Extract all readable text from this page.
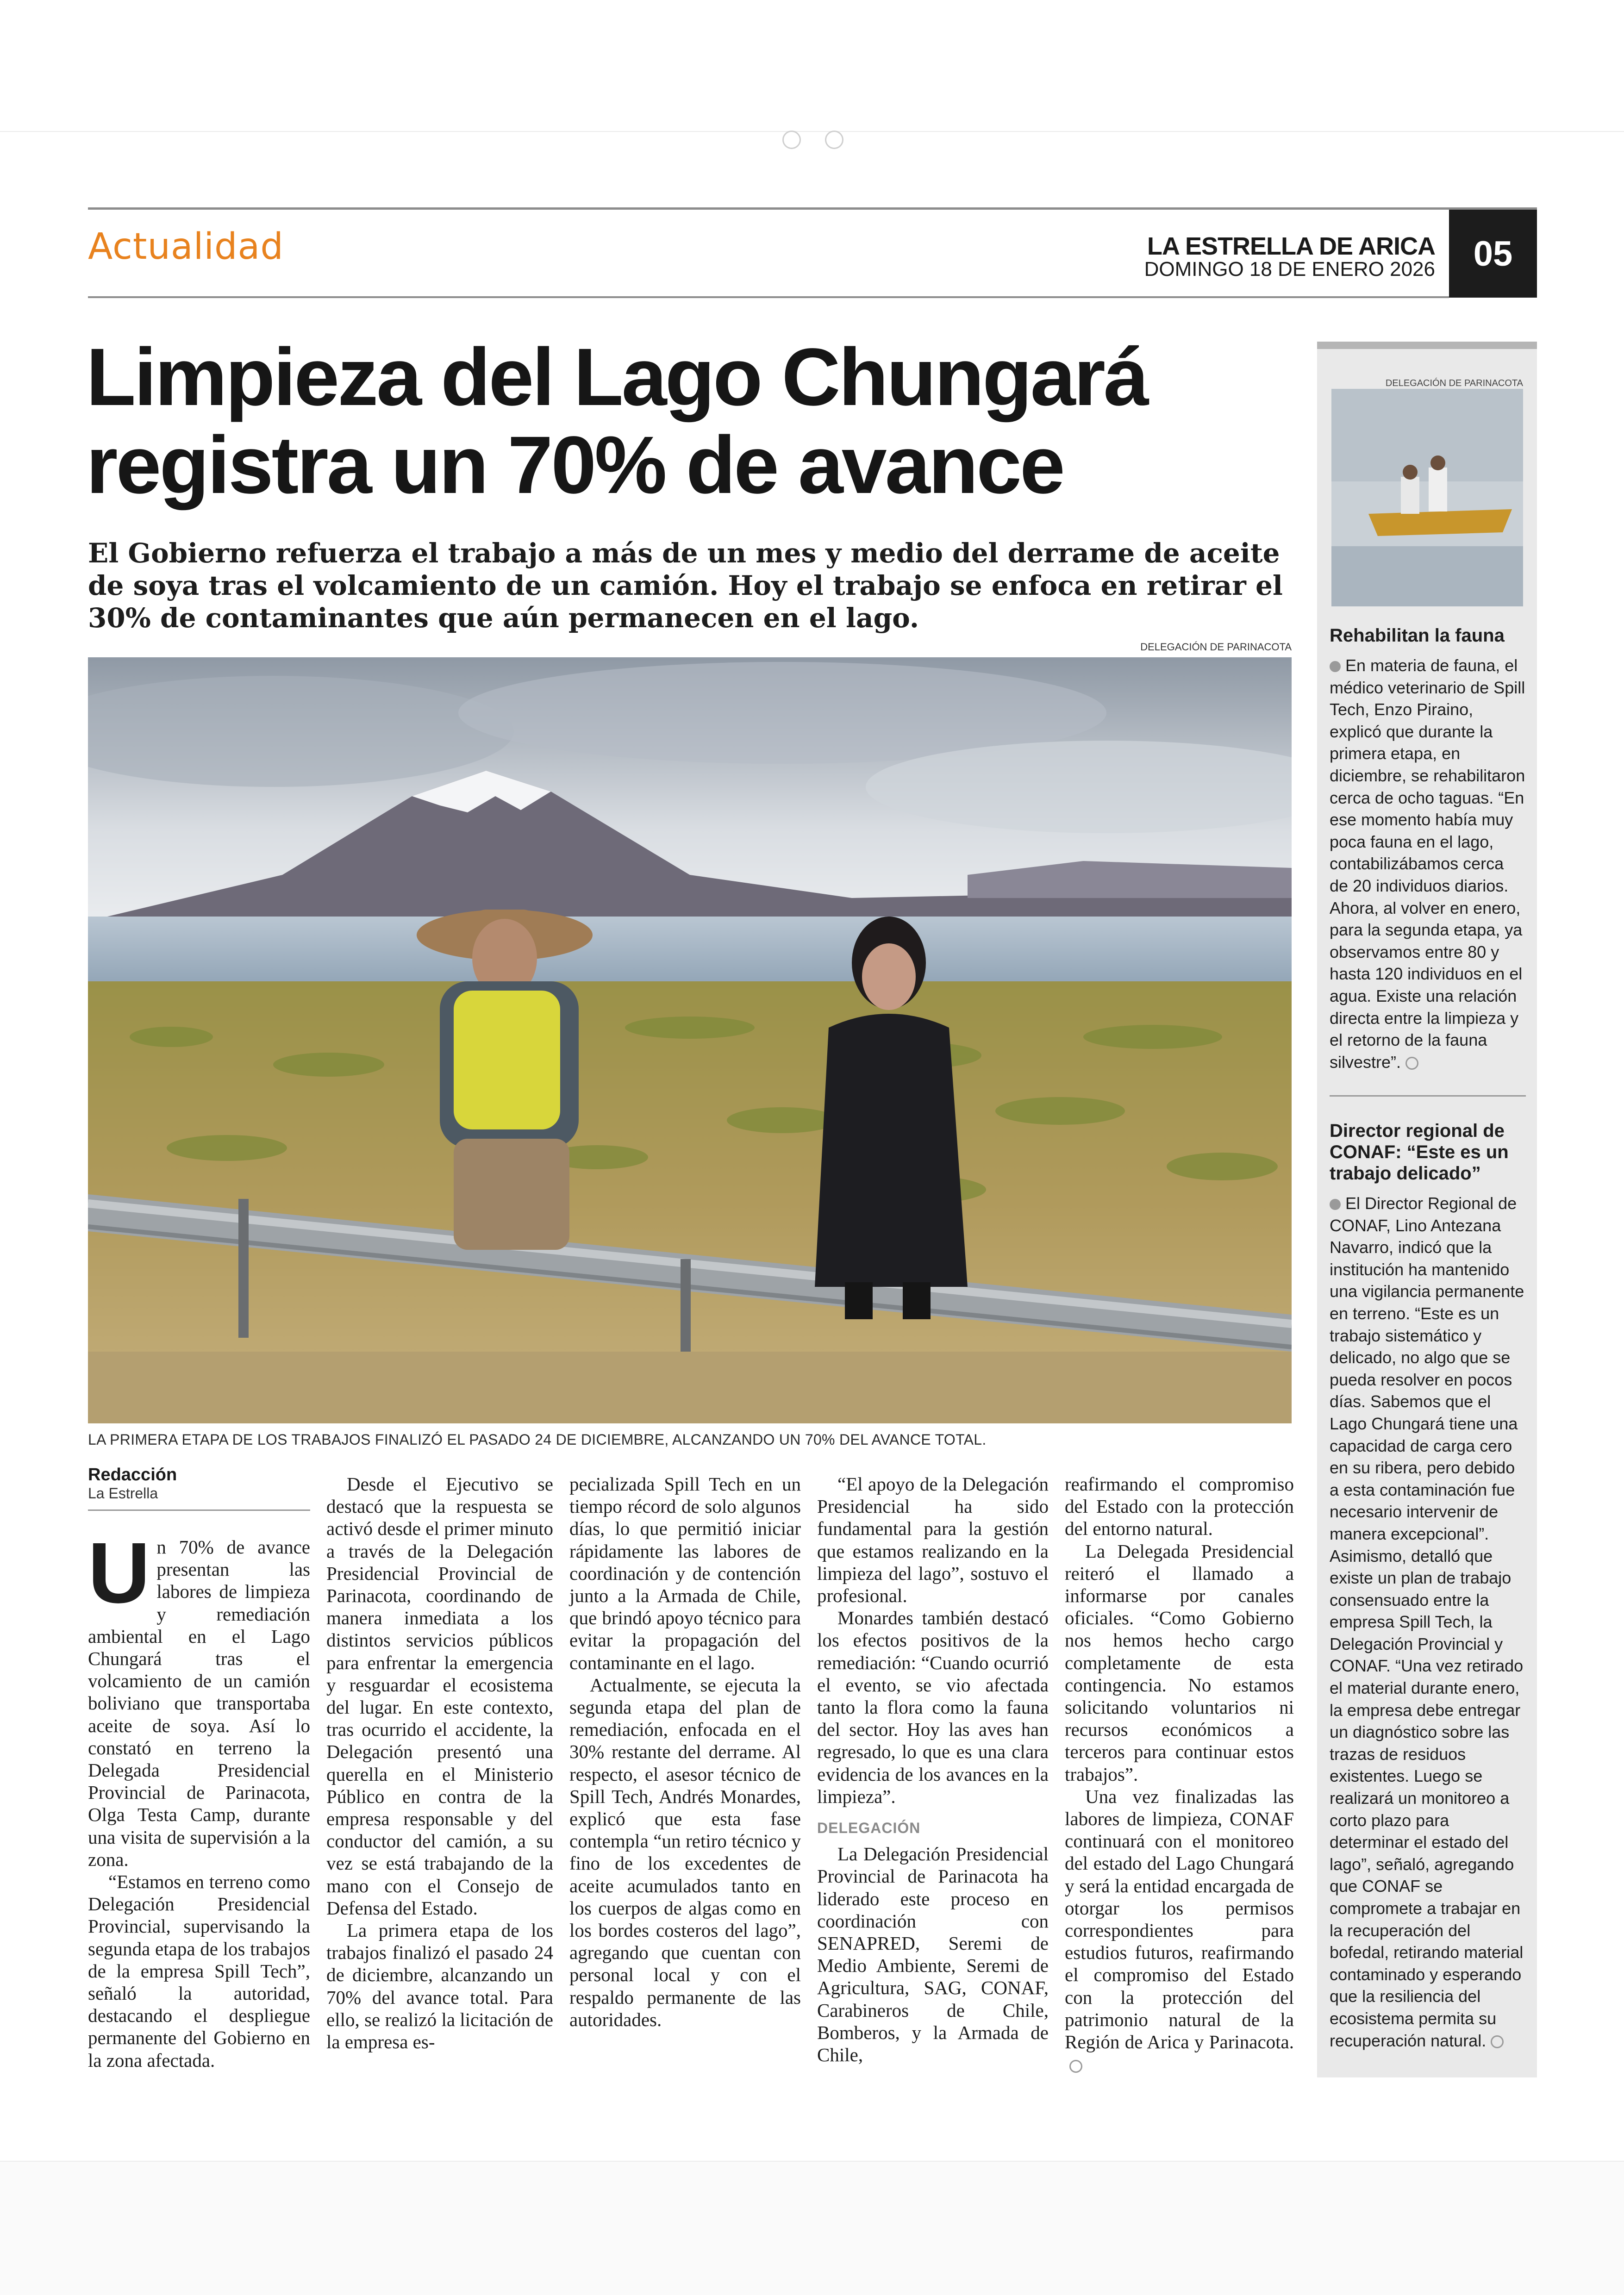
Actualidad	LA ESTRELLA DE ARICA
DOMINGO 18 DE ENERO 2026	05
Limpieza del Lago Chungará
registra un 70% de avance
El Gobierno refuerza el trabajo a más de un mes y medio del derrame de aceite de soya tras el volcamiento de un camión. Hoy el trabajo se enfoca en retirar el 30% de contaminantes que aún permanecen en el lago.
DELEGACIÓN DE PARINACOTA
LA PRIMERA ETAPA DE LOS TRABAJOS FINALIZÓ EL PASADO 24 DE DICIEMBRE, ALCANZANDO UN 70% DEL AVANCE TOTAL.
Redacción
La Estrella

Un 70% de avance presentan las labores de limpieza y remediación ambiental en el Lago Chungará tras el volcamiento de un camión boliviano que transportaba aceite de soya. Así lo constató en terreno la Delegada Presidencial Provincial de Parinacota, Olga Testa Camp, durante una visita de supervisión a la zona.

“Estamos en terreno como Delegación Presidencial Provincial, supervisando la segunda etapa de los trabajos de la empresa Spill Tech”, señaló la autoridad, destacando el despliegue permanente del Gobierno en la zona afectada.

Desde el Ejecutivo se destacó que la respuesta se activó desde el primer minuto a través de la Delegación Presidencial Provincial de Parinacota, coordinando de manera inmediata a los distintos servicios públicos para enfrentar la emergencia y resguardar el ecosistema del lugar. En este contexto, tras ocurrido el accidente, la Delegación presentó una querella en el Ministerio Público en contra de la empresa responsable y del conductor del camión, a su vez se está trabajando de la mano con el Consejo de Defensa del Estado.

La primera etapa de los trabajos finalizó el pasado 24 de diciembre, alcanzando un 70% del avance total. Para ello, se realizó la licitación de la empresa es-

pecializada Spill Tech en un tiempo récord de solo algunos días, lo que permitió iniciar rápidamente las labores de coordinación y de contención junto a la Armada de Chile, que brindó apoyo técnico para evitar la propagación del contaminante en el lago.

Actualmente, se ejecuta la segunda etapa del plan de remediación, enfocada en el 30% restante del derrame. Al respecto, el asesor técnico de Spill Tech, Andrés Monardes, explicó que esta fase contempla “un retiro técnico y fino de los excedentes de aceite acumulados tanto en los cuerpos de algas como en los bordes costeros del lago”, agregando que cuentan con personal local y con el respaldo permanente de las autoridades.

“El apoyo de la Delegación Presidencial ha sido fundamental para la gestión que estamos realizando en la limpieza del lago”, sostuvo el profesional.

Monardes también destacó los efectos positivos de la remediación: “Cuando ocurrió el evento, se vio afectada tanto la flora como la fauna del sector. Hoy las aves han regresado, lo que es una clara evidencia de los avances en la limpieza”.

DELEGACIÓN

La Delegación Presidencial Provincial de Parinacota ha liderado este proceso en coordinación con SENAPRED, Seremi de Medio Ambiente, Seremi de Agricultura, SAG, CONAF, Carabineros de Chile, Bomberos, y la Armada de Chile,

reafirmando el compromiso del Estado con la protección del entorno natural.

La Delegada Presidencial reiteró el llamado a informarse por canales oficiales. “Como Gobierno nos hemos hecho cargo completamente de esta contingencia. No estamos solicitando voluntarios ni recursos económicos a terceros para continuar estos trabajos”.

Una vez finalizadas las labores de limpieza, CONAF continuará con el monitoreo del estado del Lago Chungará y será la entidad encargada de otorgar los permisos correspondientes para estudios futuros, reafirmando el compromiso del Estado con la protección del patrimonio natural de la Región de Arica y Parinacota.

DELEGACIÓN DE PARINACOTA
Rehabilitan la fauna
En materia de fauna, el médico veterinario de Spill Tech, Enzo Piraino, explicó que durante la primera etapa, en diciembre, se rehabilitaron cerca de ocho taguas. “En ese momento había muy poca fauna en el lago, contabilizábamos cerca de 20 individuos diarios. Ahora, al volver en enero, para la segunda etapa, ya observamos entre 80 y hasta 120 individuos en el agua. Existe una relación directa entre la limpieza y el retorno de la fauna silvestre”.
Director regional de CONAF: “Este es un trabajo delicado”
El Director Regional de CONAF, Lino Antezana Navarro, indicó que la institución ha mantenido una vigilancia permanente en terreno. “Este es un trabajo sistemático y delicado, no algo que se pueda resolver en pocos días. Sabemos que el Lago Chungará tiene una capacidad de carga cero en su ribera, pero debido a esta contaminación fue necesario intervenir de manera excepcional”.
Asimismo, detalló que existe un plan de trabajo consensuado entre la empresa Spill Tech, la Delegación Provincial y CONAF. “Una vez retirado el material durante enero, la empresa debe entregar un diagnóstico sobre las trazas de residuos existentes. Luego se realizará un monitoreo a corto plazo para determinar el estado del lago”, señaló, agregando que CONAF se compromete a trabajar en la recuperación del bofedal, retirando material contaminado y esperando que la resiliencia del ecosistema permita su recuperación natural.
